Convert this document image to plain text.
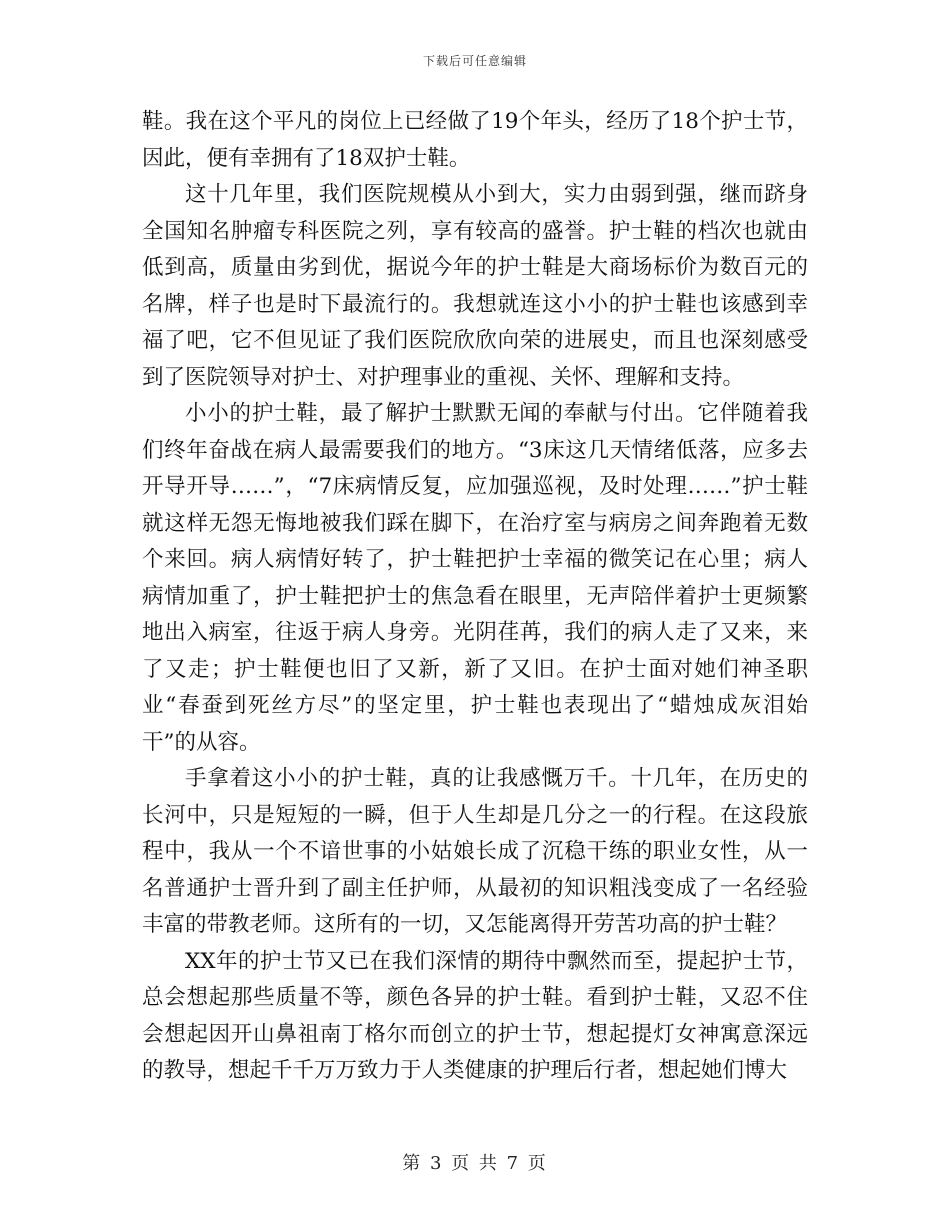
下载后可任意编辑

鞋。我在这个平凡的岗位上已经做了19个年头，经历了18个护士节，因此，便有幸拥有了18双护士鞋。

这十几年里，我们医院规模从小到大，实力由弱到强，继而跻身全国知名肿瘤专科医院之列，享有较高的盛誉。护士鞋的档次也就由低到高，质量由劣到优，据说今年的护士鞋是大商场标价为数百元的名牌，样子也是时下最流行的。我想就连这小小的护士鞋也该感到幸福了吧，它不但见证了我们医院欣欣向荣的进展史，而且也深刻感受到了医院领导对护士、对护理事业的重视、关怀、理解和支持。

小小的护士鞋，最了解护士默默无闻的奉献与付出。它伴随着我们终年奋战在病人最需要我们的地方。“3床这几天情绪低落，应多去开导开导……”，“7床病情反复，应加强巡视，及时处理……”护士鞋就这样无怨无悔地被我们踩在脚下，在治疗室与病房之间奔跑着无数个来回。病人病情好转了，护士鞋把护士幸福的微笑记在心里；病人病情加重了，护士鞋把护士的焦急看在眼里，无声陪伴着护士更频繁地出入病室，往返于病人身旁。光阴荏苒，我们的病人走了又来，来了又走；护士鞋便也旧了又新，新了又旧。在护士面对她们神圣职业“春蚕到死丝方尽”的坚定里，护士鞋也表现出了“蜡烛成灰泪始干”的从容。

手拿着这小小的护士鞋，真的让我感慨万千。十几年，在历史的长河中，只是短短的一瞬，但于人生却是几分之一的行程。在这段旅程中，我从一个不谙世事的小姑娘长成了沉稳干练的职业女性，从一名普通护士晋升到了副主任护师，从最初的知识粗浅变成了一名经验丰富的带教老师。这所有的一切，又怎能离得开劳苦功高的护士鞋？

XX年的护士节又已在我们深情的期待中飘然而至，提起护士节，总会想起那些质量不等，颜色各异的护士鞋。看到护士鞋，又忍不住会想起因开山鼻祖南丁格尔而创立的护士节，想起提灯女神寓意深远的教导，想起千千万万致力于人类健康的护理后行者，想起她们博大

第 3 页 共 7 页
